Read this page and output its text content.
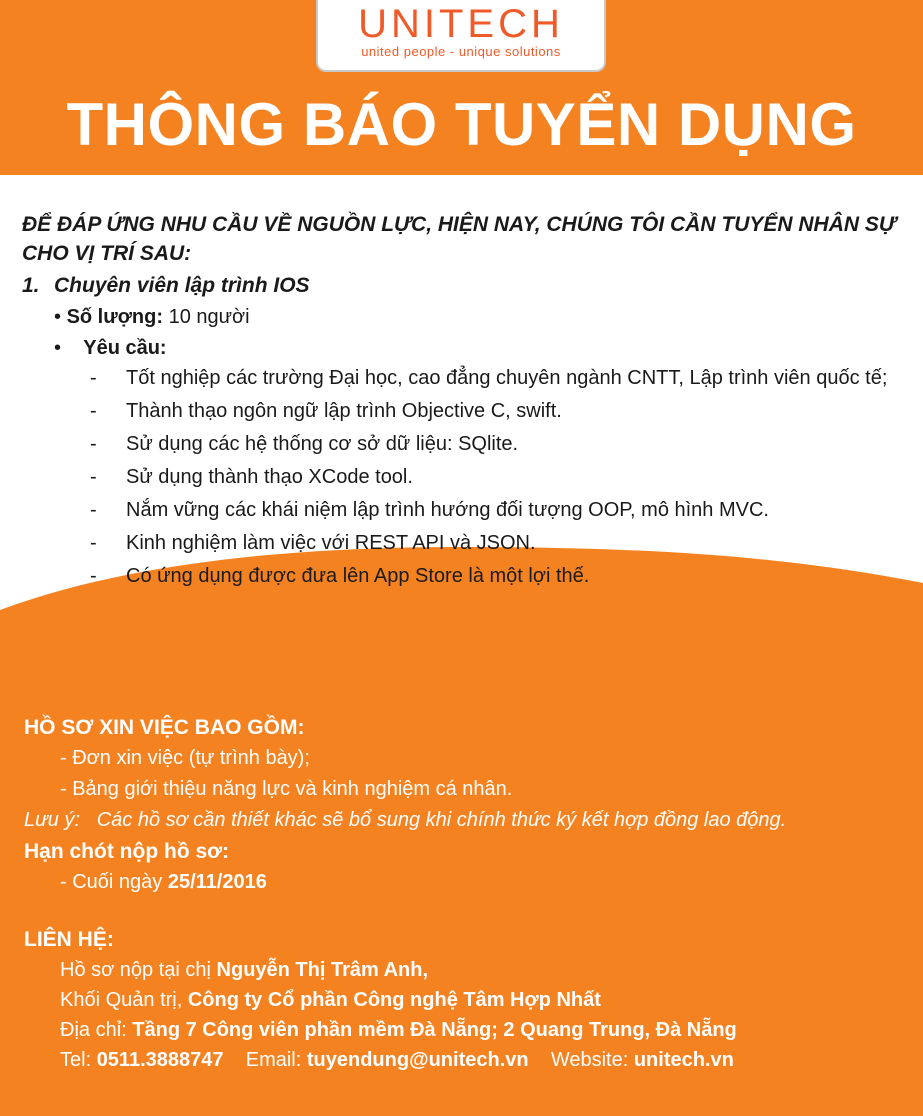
UNITECH
united people - unique solutions
THÔNG BÁO TUYỂN DỤNG
ĐỂ ĐÁP ỨNG NHU CẦU VỀ NGUỒN LỰC, HIỆN NAY, CHÚNG TÔI CẦN TUYỂN NHÂN SỰ CHO VỊ TRÍ SAU:
1. Chuyên viên lập trình IOS
• Số lượng: 10 người
•    Yêu cầu:
- Tốt nghiệp các trường Đại học, cao đẳng chuyên ngành CNTT, Lập trình viên quốc tế;
- Thành thạo ngôn ngữ lập trình Objective C, swift.
- Sử dụng các hệ thống cơ sở dữ liệu: SQlite.
- Sử dụng thành thạo XCode tool.
- Nắm vững các khái niệm lập trình hướng đối tượng OOP, mô hình MVC.
- Kinh nghiệm làm việc với REST API và JSON.
- Có ứng dụng được đưa lên App Store là một lợi thế.
HỒ SƠ XIN VIỆC BAO GỒM:
- Đơn xin việc (tự trình bày);
- Bảng giới thiệu năng lực và kinh nghiệm cá nhân.
Lưu ý: Các hồ sơ cần thiết khác sẽ bổ sung khi chính thức ký kết hợp đồng lao động.
Hạn chót nộp hồ sơ:
- Cuối ngày 25/11/2016
LIÊN HỆ:
Hồ sơ nộp tại chị Nguyễn Thị Trâm Anh,
Khối Quản trị, Công ty Cổ phần Công nghệ Tâm Hợp Nhất
Địa chỉ: Tầng 7 Công viên phần mềm Đà Nẵng; 2 Quang Trung, Đà Nẵng
Tel: 0511.3888747 Email: tuyendung@unitech.vn Website: unitech.vn
